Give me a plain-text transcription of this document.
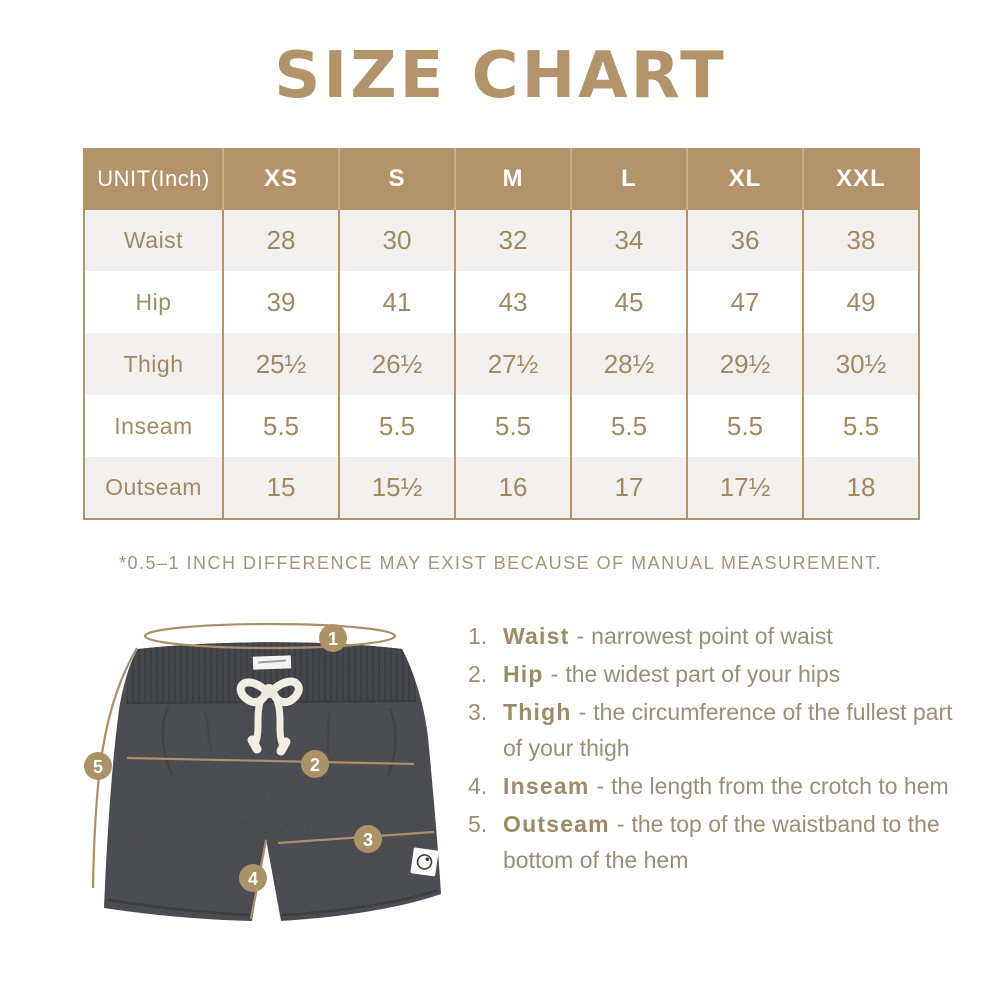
SIZE CHART
UNIT(Inch)	XS	S	M	L	XL	XXL
Waist	28	30	32	34	36	38
Hip	39	41	43	45	47	49
Thigh	25½	26½	27½	28½	29½	30½
Inseam	5.5	5.5	5.5	5.5	5.5	5.5
Outseam	15	15½	16	17	17½	18

*0.5–1 INCH DIFFERENCE MAY EXIST BECAUSE OF MANUAL MEASUREMENT.

1
2
3
4
5
1. Waist - narrowest point of waist
2. Hip - the widest part of your hips
3. Thigh - the circumference of the fullest part of your thigh
4. Inseam - the length from the crotch to hem
5. Outseam - the top of the waistband to the bottom of the hem
